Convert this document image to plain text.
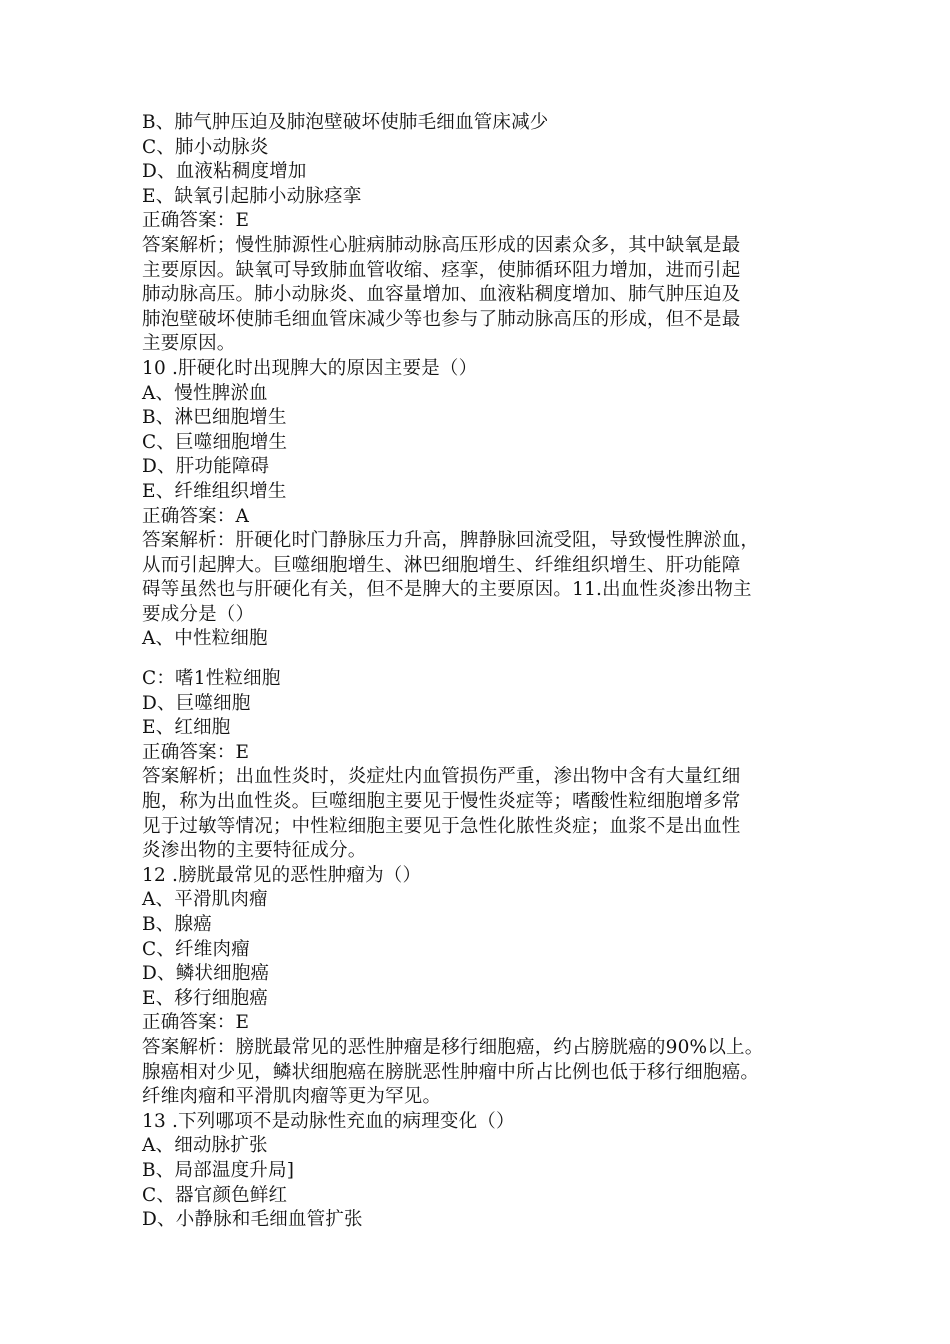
B、肺气肿压迫及肺泡壁破坏使肺毛细血管床减少
C、肺小动脉炎
D、血液粘稠度增加
E、缺氧引起肺小动脉痉挛
正确答案：E
答案解析；慢性肺源性心脏病肺动脉高压形成的因素众多，其中缺氧是最
主要原因。缺氧可导致肺血管收缩、痉挛，使肺循环阻力增加，进而引起
肺动脉高压。肺小动脉炎、血容量增加、血液粘稠度增加、肺气肿压迫及
肺泡壁破坏使肺毛细血管床减少等也参与了肺动脉高压的形成，但不是最
主要原因。
10 .肝硬化时出现脾大的原因主要是（）
A、慢性脾淤血
B、淋巴细胞增生
C、巨噬细胞增生
D、肝功能障碍
E、纤维组织增生
正确答案：A
答案解析：肝硬化时门静脉压力升高，脾静脉回流受阻，导致慢性脾淤血，
从而引起脾大。巨噬细胞增生、淋巴细胞增生、纤维组织增生、肝功能障
碍等虽然也与肝硬化有关，但不是脾大的主要原因。11.出血性炎渗出物主
要成分是（）
A、中性粒细胞
C：嗜1性粒细胞
D、巨噬细胞
E、红细胞
正确答案：E
答案解析；出血性炎时，炎症灶内血管损伤严重，渗出物中含有大量红细
胞，称为出血性炎。巨噬细胞主要见于慢性炎症等；嗜酸性粒细胞增多常
见于过敏等情况；中性粒细胞主要见于急性化脓性炎症；血浆不是出血性
炎渗出物的主要特征成分。
12 .膀胱最常见的恶性肿瘤为（）
A、平滑肌肉瘤
B、腺癌
C、纤维肉瘤
D、鳞状细胞癌
E、移行细胞癌
正确答案：E
答案解析：膀胱最常见的恶性肿瘤是移行细胞癌，约占膀胱癌的90%以上。
腺癌相对少见，鳞状细胞癌在膀胱恶性肿瘤中所占比例也低于移行细胞癌。
纤维肉瘤和平滑肌肉瘤等更为罕见。
13 .下列哪项不是动脉性充血的病理变化（）
A、细动脉扩张
B、局部温度升局]
C、器官颜色鲜红
D、小静脉和毛细血管扩张
